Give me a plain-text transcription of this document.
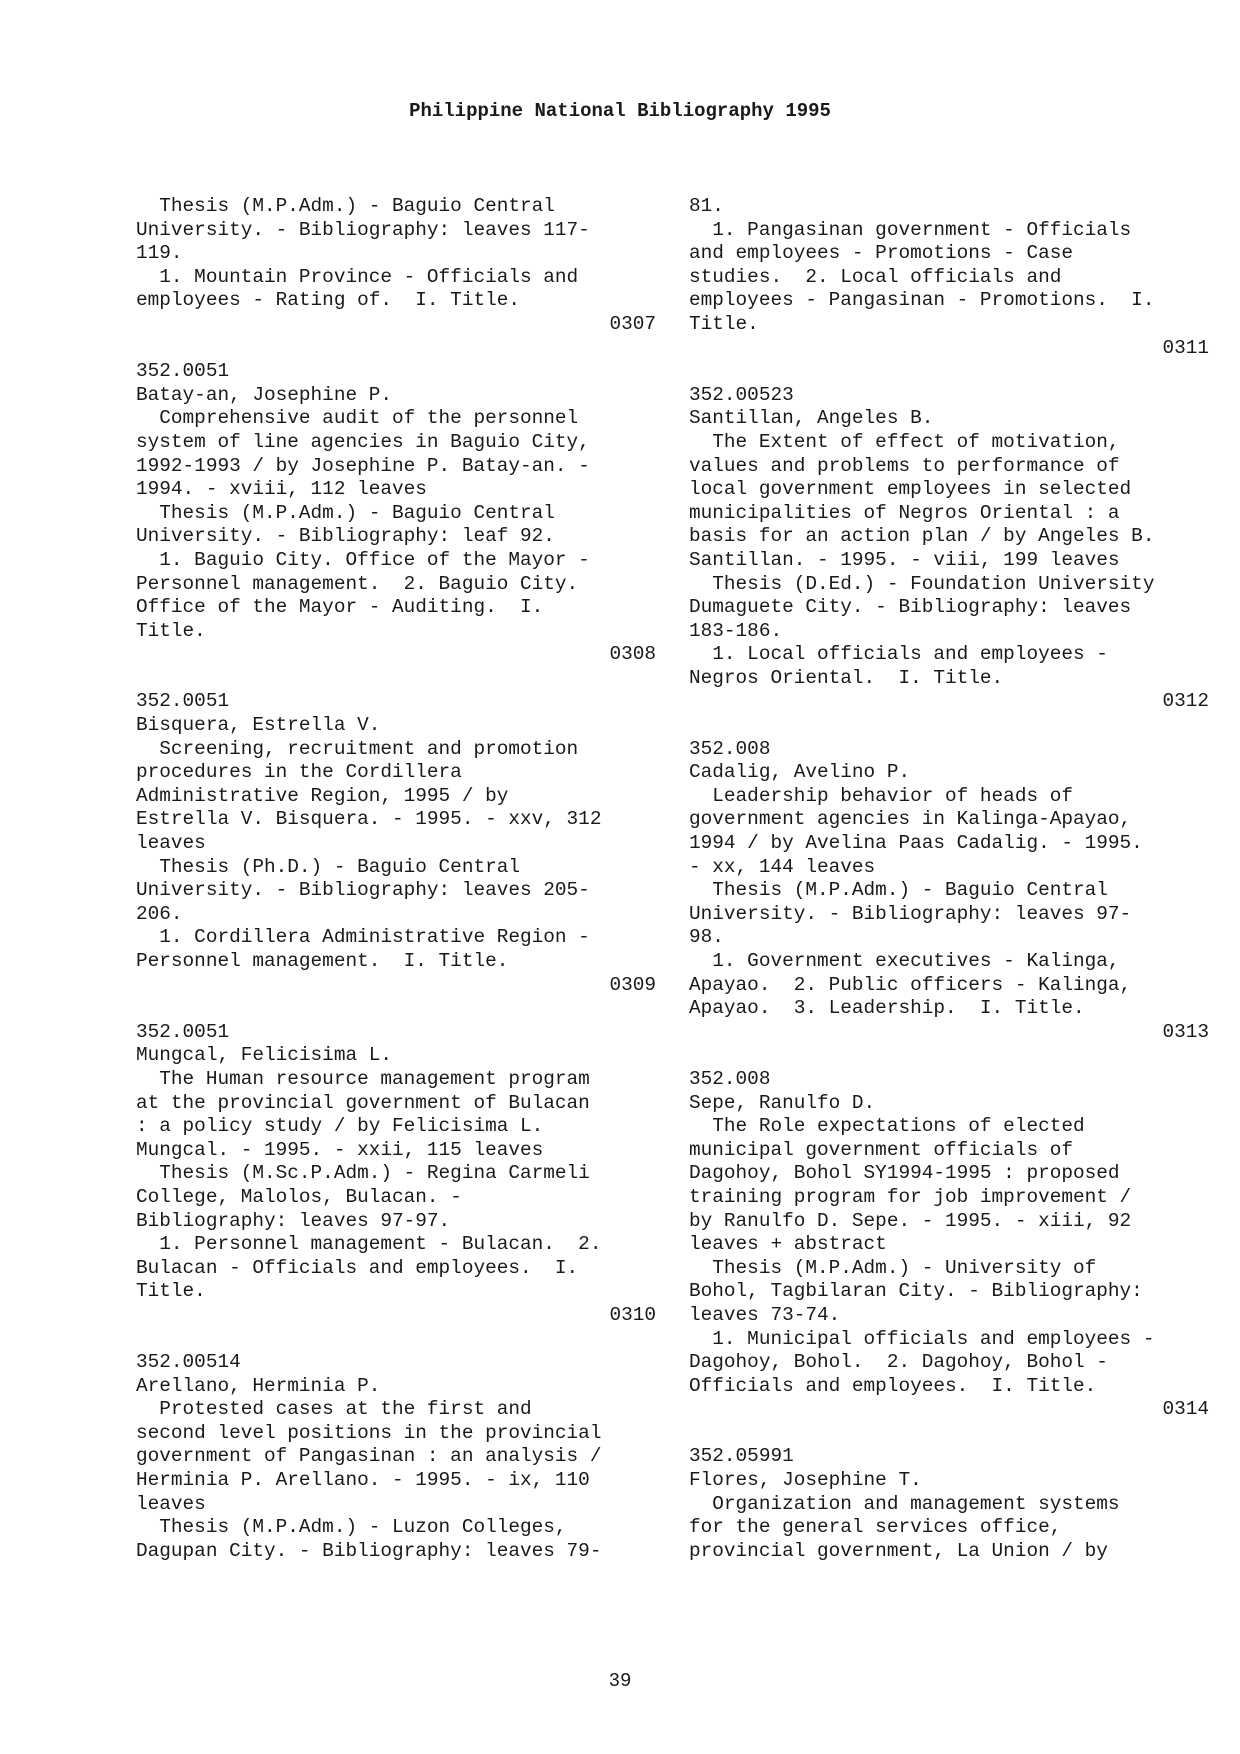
Philippine National Bibliography 1995
Thesis (M.P.Adm.) - Baguio Central
University. - Bibliography: leaves 117-
119.
1. Mountain Province - Officials and
employees - Rating of.  I. Title.
0307
352.0051
Batay-an, Josephine P.
Comprehensive audit of the personnel
system of line agencies in Baguio City,
1992-1993 / by Josephine P. Batay-an. -
1994. - xviii, 112 leaves
Thesis (M.P.Adm.) - Baguio Central
University. - Bibliography: leaf 92.
1. Baguio City. Office of the Mayor -
Personnel management.  2. Baguio City.
Office of the Mayor - Auditing.  I.
Title.
0308
352.0051
Bisquera, Estrella V.
Screening, recruitment and promotion
procedures in the Cordillera
Administrative Region, 1995 / by
Estrella V. Bisquera. - 1995. - xxv, 312
leaves
Thesis (Ph.D.) - Baguio Central
University. - Bibliography: leaves 205-
206.
1. Cordillera Administrative Region -
Personnel management.  I. Title.
0309
352.0051
Mungcal, Felicisima L.
The Human resource management program
at the provincial government of Bulacan
: a policy study / by Felicisima L.
Mungcal. - 1995. - xxii, 115 leaves
Thesis (M.Sc.P.Adm.) - Regina Carmeli
College, Malolos, Bulacan. -
Bibliography: leaves 97-97.
1. Personnel management - Bulacan.  2.
Bulacan - Officials and employees.  I.
Title.
0310
352.00514
Arellano, Herminia P.
Protested cases at the first and
second level positions in the provincial
government of Pangasinan : an analysis /
Herminia P. Arellano. - 1995. - ix, 110
leaves
Thesis (M.P.Adm.) - Luzon Colleges,
Dagupan City. - Bibliography: leaves 79-
81.
1. Pangasinan government - Officials
and employees - Promotions - Case
studies.  2. Local officials and
employees - Pangasinan - Promotions.  I.
Title.
0311
352.00523
Santillan, Angeles B.
The Extent of effect of motivation,
values and problems to performance of
local government employees in selected
municipalities of Negros Oriental : a
basis for an action plan / by Angeles B.
Santillan. - 1995. - viii, 199 leaves
Thesis (D.Ed.) - Foundation University
Dumaguete City. - Bibliography: leaves
183-186.
1. Local officials and employees -
Negros Oriental.  I. Title.
0312
352.008
Cadalig, Avelino P.
Leadership behavior of heads of
government agencies in Kalinga-Apayao,
1994 / by Avelina Paas Cadalig. - 1995.
- xx, 144 leaves
Thesis (M.P.Adm.) - Baguio Central
University. - Bibliography: leaves 97-
98.
1. Government executives - Kalinga,
Apayao.  2. Public officers - Kalinga,
Apayao.  3. Leadership.  I. Title.
0313
352.008
Sepe, Ranulfo D.
The Role expectations of elected
municipal government officials of
Dagohoy, Bohol SY1994-1995 : proposed
training program for job improvement /
by Ranulfo D. Sepe. - 1995. - xiii, 92
leaves + abstract
Thesis (M.P.Adm.) - University of
Bohol, Tagbilaran City. - Bibliography:
leaves 73-74.
1. Municipal officials and employees -
Dagohoy, Bohol.  2. Dagohoy, Bohol -
Officials and employees.  I. Title.
0314
352.05991
Flores, Josephine T.
Organization and management systems
for the general services office,
provincial government, La Union / by
39
